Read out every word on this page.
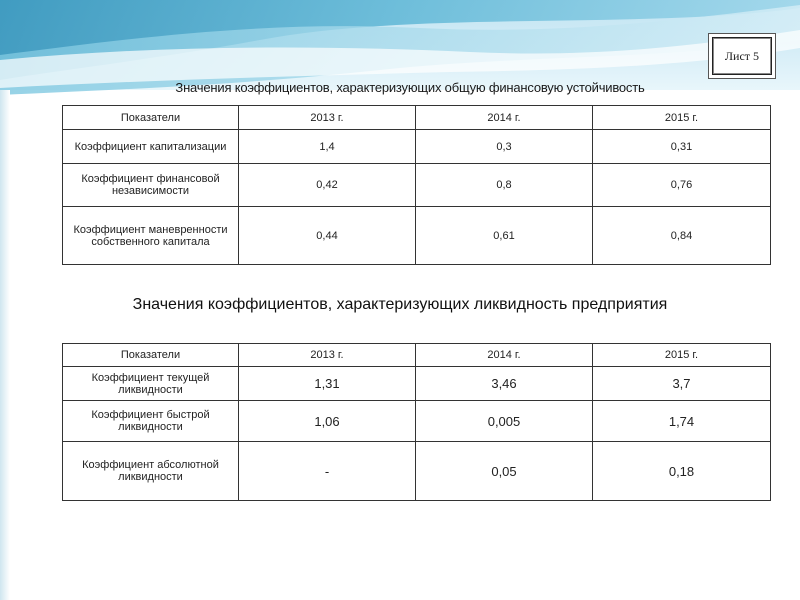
Лист 5
Значения коэффициентов, характеризующих общую финансовую устойчивость
Показатели	2013 г.	2014 г.	2015 г.
Коэффициент капитализации	1,4	0,3	0,31
Коэффициент финансовой независимости	0,42	0,8	0,76
Коэффициент маневренности собственного капитала	0,44	0,61	0,84
Значения коэффициентов, характеризующих ликвидность предприятия
Показатели	2013 г.	2014 г.	2015 г.
Коэффициент текущей ликвидности	1,31	3,46	3,7
Коэффициент быстрой ликвидности	1,06	0,005	1,74
Коэффициент абсолютной ликвидности	-	0,05	0,18
